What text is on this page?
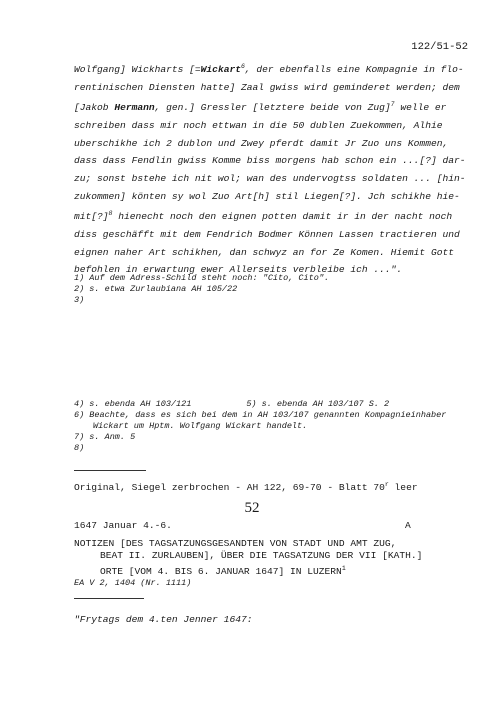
122/51-52
Wolfgang] Wickharts [=Wickart$^6$, der ebenfalls eine Kompagnie in flo-
rentinischen Diensten hatte] Zaal gwiss wird geminderet werden; dem
[Jakob Hermann, gen.] Gressler [letztere beide von Zug]$^7$ welle er
schreiben dass mir noch ettwan in die 50 dublen Zuekommen, Alhie
uberschikhe ich 2 dublon und Zwey pferdt damit Jr Zuo uns Kommen,
dass dass Fendlin gwiss Komme biss morgens hab schon ein ...[?] dar-
zu; sonst bstehe ich nit wol; wan des undervogtss soldaten ... [hin-
zukommen] könten sy wol Zuo Art[h] stil Liegen[?]. Jch schikhe hie-
mit[?]$^8$ hienecht noch den eignen potten damit ir in der nacht noch
diss geschäfft mit dem Fendrich Bodmer Können Lassen tractieren und
eignen naher Art schikhen, dan schwyz an for Ze Komen. Hiemit Gott
befohlen in erwartung ewer Allerseits verbleibe ich ...".
1) Auf dem Adress-Schild steht noch: "Cito, Cito".
2) s. etwa Zurlaubiana AH 105/22
3)
4) s. ebenda AH 103/121	5) s. ebenda AH 103/107 S. 2
6) Beachte, dass es sich bei dem in AH 103/107 genannten Kompagnieinhaber
Wickart um Hptm. Wolfgang Wickart handelt.
7) s. Anm. 5
8)
Original, Siegel zerbrochen - AH 122, 69-70 - Blatt 70$^r$ leer
52
1647 Januar 4.-6.	A
NOTIZEN [DES TAGSATZUNGSGESANDTEN VON STADT UND AMT ZUG,
BEAT II. ZURLAUBEN], ÜBER DIE TAGSATZUNG DER VII [KATH.]
ORTE [VOM 4. BIS 6. JANUAR 1647] IN LUZERN$^1$
EA V 2, 1404 (Nr. 1111)
"Frytags dem 4.ten Jenner 1647:
